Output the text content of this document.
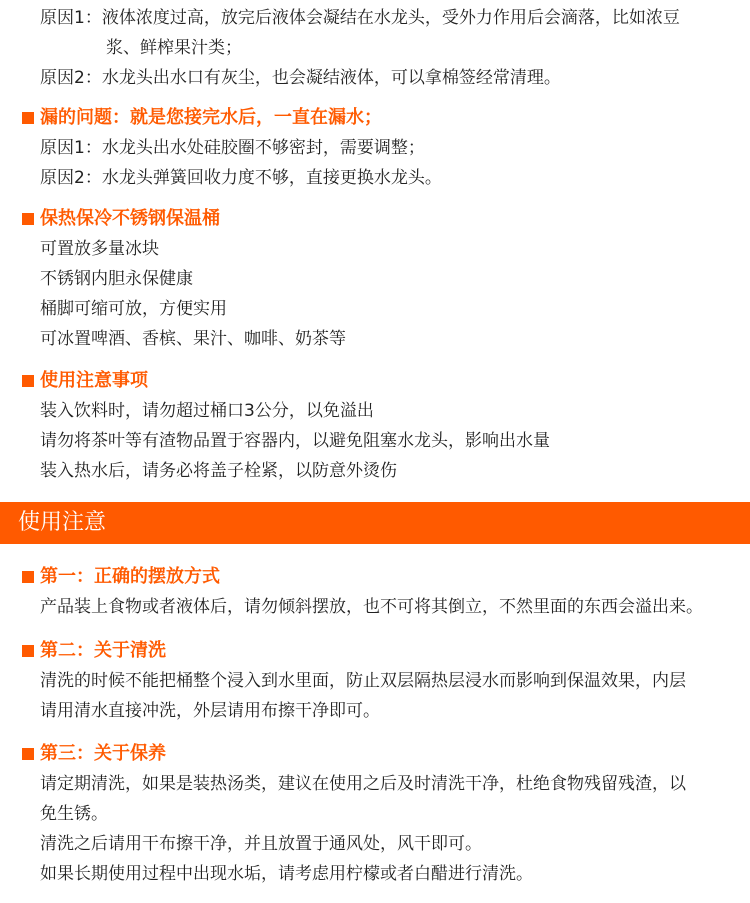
原因1：液体浓度过高，放完后液体会凝结在水龙头，受外力作用后会滴落，比如浓豆
浆、鲜榨果汁类；
原因2：水龙头出水口有灰尘，也会凝结液体，可以拿棉签经常清理。
漏的问题：就是您接完水后，一直在漏水；
原因1：水龙头出水处硅胶圈不够密封，需要调整；
原因2：水龙头弹簧回收力度不够，直接更换水龙头。
保热保冷不锈钢保温桶
可置放多量冰块
不锈钢内胆永保健康
桶脚可缩可放，方便实用
可冰置啤酒、香槟、果汁、咖啡、奶茶等
使用注意事项
装入饮料时，请勿超过桶口3公分，以免溢出
请勿将茶叶等有渣物品置于容器内，以避免阻塞水龙头，影响出水量
装入热水后，请务必将盖子栓紧，以防意外烫伤
使用注意
第一：正确的摆放方式
产品装上食物或者液体后，请勿倾斜摆放，也不可将其倒立，不然里面的东西会溢出来。
第二：关于清洗
清洗的时候不能把桶整个浸入到水里面，防止双层隔热层浸水而影响到保温效果，内层
请用清水直接冲洗，外层请用布擦干净即可。
第三：关于保养
请定期清洗，如果是装热汤类，建议在使用之后及时清洗干净，杜绝食物残留残渣，以
免生锈。
清洗之后请用干布擦干净，并且放置于通风处，风干即可。
如果长期使用过程中出现水垢，请考虑用柠檬或者白醋进行清洗。
